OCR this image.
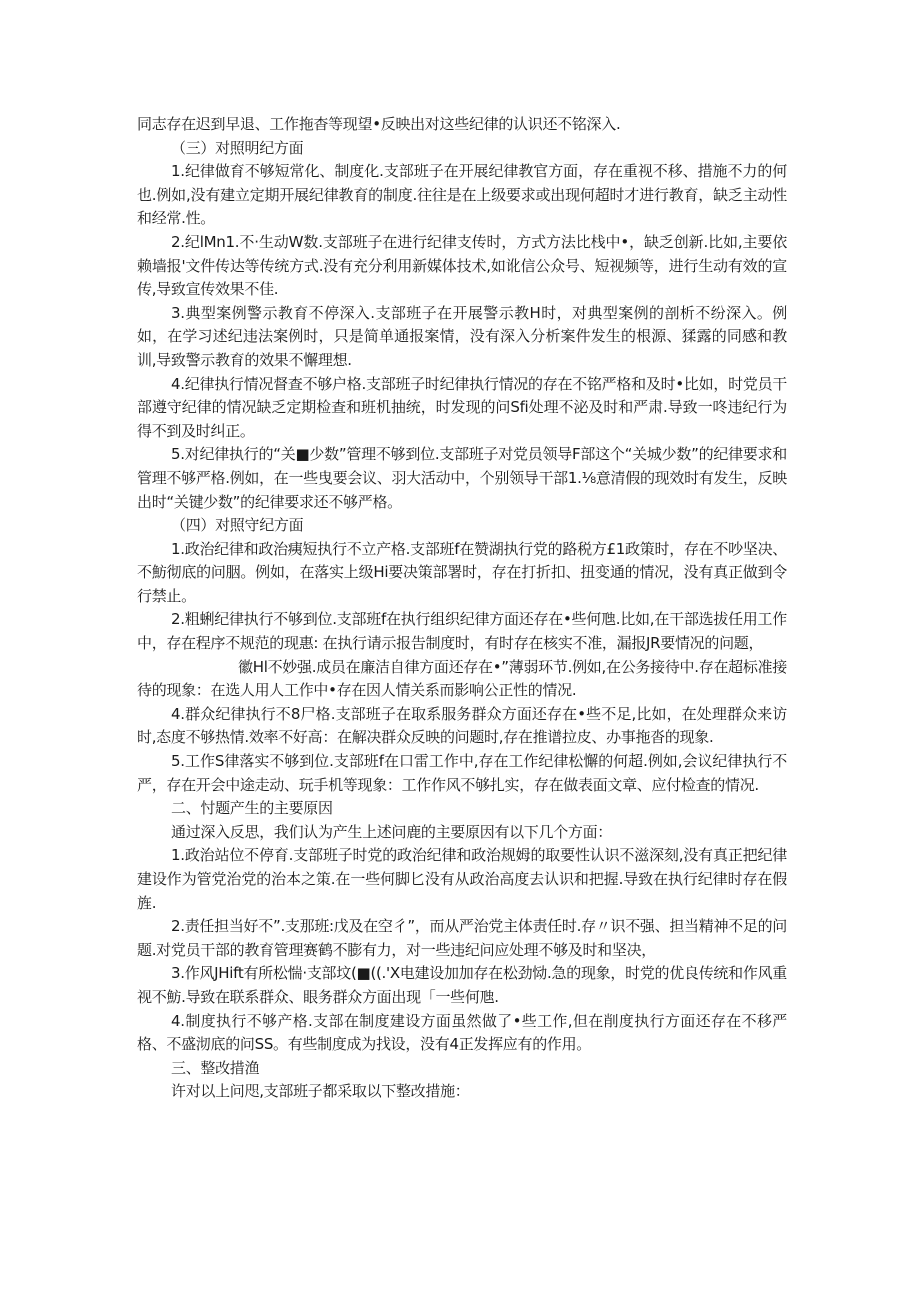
同志存在迟到早退、工作拖杳等现望•反映出对这些纪律的认识还不铭深入.

（三）对照明纪方面

1.纪律做育不够短常化、制度化.支部班子在开展纪律教官方面，存在重视不移、措施不力的何也.例如,没有建立定期开展纪律教育的制度.往往是在上级要求或出现何超时才进行教育，缺乏主动性和经常.性。

2.纪lMn1.不·生动W数.支部班子在进行纪律支传时，方式方法比栈中•，缺乏创新.比如,主要依赖墙报'文件传达等传统方式.没有充分利用新媒体技术,如讹信公众号、短视频等，进行生动有效的宣传,导致宣传效果不佳.

3.典型案例警示教育不停深入.支部班子在开展警示教H时，对典型案例的剖析不纷深入。例如，在学习述纪违法案例时，只是简单通报案情，没有深入分析案件发生的根源、猱露的同感和教训,导致警示教育的效果不懈理想.

4.纪律执行情况督查不够户格.支部班子时纪律执行情况的存在不铭严格和及时•比如，时党员干部遵守纪律的情况缺乏定期检查和班机抽统，时发现的问Sfi处理不泌及时和严肃.导致一咚违纪行为得不到及时纠正。

5.对纪律执行的“关■少数”管理不够到位.支部班子对党员领导F部这个“关城少数”的纪律要求和管理不够严格.例如，在一些曳要会议、羽大活动中，个别领导干部1.⅛意清假的现效时有发生，反映出时“关键少数”的纪律要求还不够严格。

（四）对照守纪方面

1.政治纪律和政治痍短执行不立产格.支部班f在赞湖执行党的路税方£1政策时，存在不吵坚决、不魴彻底的问胭。例如，在落实上级Hi要决策部署时，存在打折扣、扭变通的情况，没有真正做到令行禁止。

2.粗蜊纪律执行不够到位.支部班f在执行组织纪律方面还存在•些何虺.比如,在干部选拔任用工作中，存在程序不规范的现惠: 在执行请示报告制度时，有时存在核实不准，漏报JR要情况的问题，

徽Hl不妙强.成员在廉洁自律方面还存在•”薄弱环节.例如,在公务接待中.存在超标准接待的现象：在选人用人工作中•存在因人情关系而影响公正性的情况.

4.群众纪律执行不8尸格.支部班子在取系服务群众方面还存在•些不足,比如，在处理群众来访时,态度不够热情.效率不好高：在解决群众反映的问题时,存在推谱拉皮、办事拖沓的现象.

5.工作S律落实不够到位.支部班f在口雷工作中,存在工作纪律松懈的何超.例如,会议纪律执行不严，存在开会中途走动、玩手机等现象：工作作风不够扎实，存在做表面文章、应付检查的情况.

二、忖题产生的主要原因

通过深入反思，我们认为产生上述问鹿的主要原因有以下几个方面：

1.政治站位不停育.支部班子时党的政治纪律和政治规姆的取要性认识不滋深刻,没有真正把纪律建设作为管党治党的治本之策.在一些何脚匕没有从政治高度去认识和把握.导致在执行纪律时存在假旌.

2.责任担当好不”.支那班:戊及在空彳”，而从严治党主体责任时.存〃识不强、担当精神不足的问题.对党员干部的教育管理赛鹤不膨有力，对一些违纪问应处理不够及时和坚决，

3.作风JHift有所松惴·支部坟(■((.'X电建设加加存在松劲恸.急的现象，时党的优良传统和作风重视不魴.导致在联系群众、眼务群众方面出现「一些何虺.

4.制度执行不够产格.支部在制度建设方面虽然做了•些工作,但在削度执行方面还存在不移严格、不盛沏底的问SS。有些制度成为找设，没有4正发挥应有的作用。

三、整改措渔

许对以上问咫,支部班子都采取以下整改措施：
